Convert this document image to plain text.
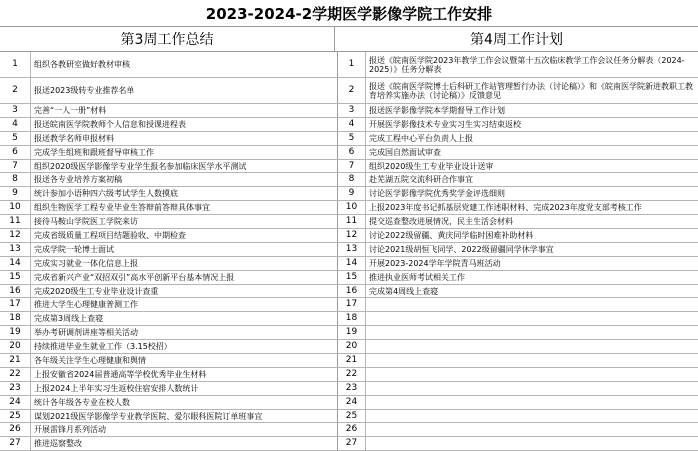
2023-2024-2学期医学影像学院工作安排
第3周工作总结	第4周工作计划
1	组织各教研室做好教材审核	1	报送《皖南医学院2023年教学工作会议暨第十五次临床教学工作会议任务分解表（2024-2025）》任务分解表
2	报送2023级转专业推荐名单	2	报送《皖南医学院博士后科研工作站管理暂行办法（讨论稿）》和《皖南医学院新进教职工教育培养实施办法（讨论稿）》反馈意见
3	完善“一人一册”材料	3	报送医学影像学院本学期督导工作计划
4	报送皖南医学院教师个人信息和授课进程表	4	开展医学影像技术专业实习生实习结束返校
5	报送教学名师申报材料	5	完成工程中心平台负责人上报
6	完成学生组班和跟班督导审核工作	6	完成国自然面试审查
7	组织2020级医学影像学专业学生报名参加临床医学水平测试	7	组织2020级生工专业毕业设计送审
8	报送各专业培养方案初稿	8	赴芜湖五院交流科研合作事宜
9	统计参加小语种四六级考试学生人数摸底	9	讨论医学影像学院优秀奖学金评选细则
10	组织生物医学工程专业毕业生答辩前答辩具体事宜	10	上报2023年度书记抓基层党建工作述职材料、完成2023年度党支部考核工作
11	接待马鞍山学院医工学院来访	11	提交巡查整改进展情况，民主生活会材料
12	完成省级质量工程项目结题验收、中期检查	12	讨论2022级留疆、黄庆同学临时困难补助材料
13	完成学院一轮博士面试	13	讨论2021级胡恒飞同学、2022级留疆同学休学事宜
14	完成实习就业一体化信息上报	14	开展2023-2024学年学院青马班活动
15	完成省新兴产业“双招双引”高水平创新平台基本情况上报	15	推进执业医师考试相关工作
16	完成2020级生工专业毕业设计查重	16	完成第4周线上查寝
17	推进大学生心理健康普测工作	17
18	完成第3周线上查寝	18
19	举办考研调剂讲座等相关活动	19
20	持续推进毕业生就业工作（3.15校招）	20
21	各年级关注学生心理健康和舆情	21
22	上报安徽省2024届普通高等学校优秀毕业生材料	22
23	上报2024上半年实习生返校住宿安排人数统计	23
24	统计各年级各专业在校人数	24
25	谋划2021级医学影像学专业教学医院、爱尔眼科医院订单班事宜	25
26	开展雷锋月系列活动	26
27	推进巡察整改	27
